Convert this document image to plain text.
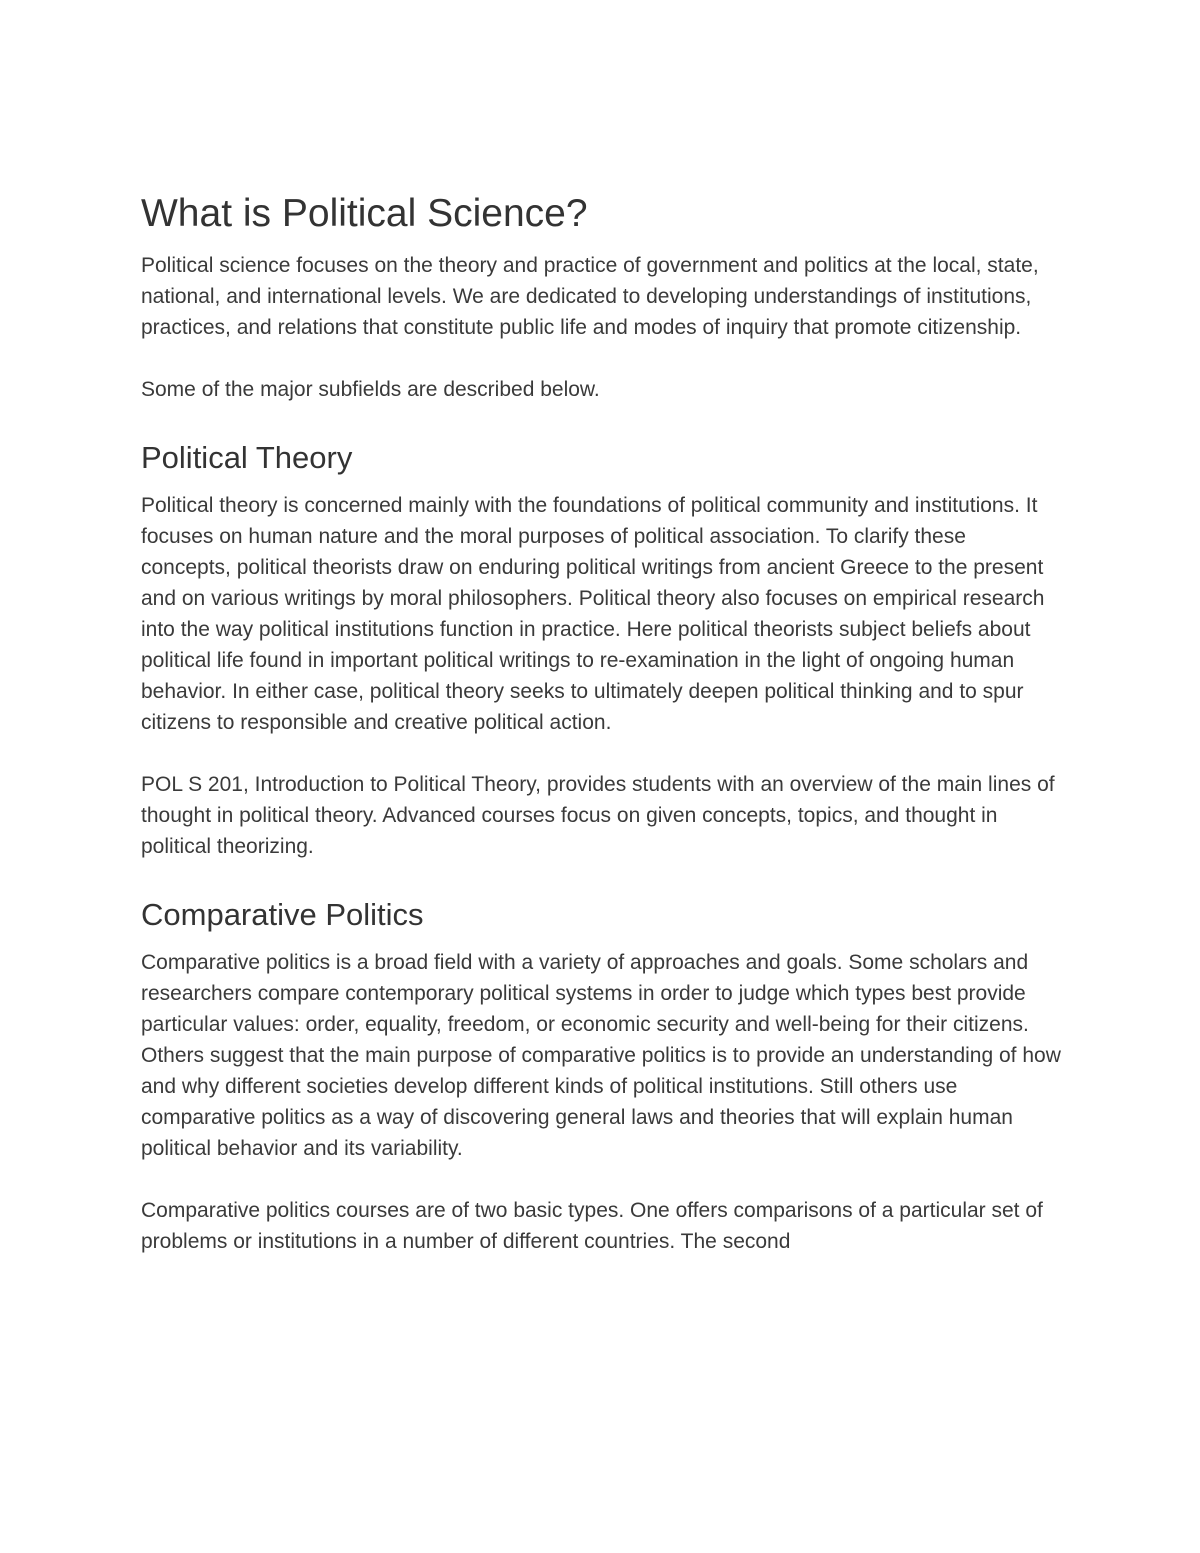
What is Political Science?

Political science focuses on the theory and practice of government and politics at the local, state, national, and international levels. We are dedicated to developing understandings of institutions, practices, and relations that constitute public life and modes of inquiry that promote citizenship.

Some of the major subfields are described below.

Political Theory

Political theory is concerned mainly with the foundations of political community and institutions. It focuses on human nature and the moral purposes of political association. To clarify these concepts, political theorists draw on enduring political writings from ancient Greece to the present and on various writings by moral philosophers. Political theory also focuses on empirical research into the way political institutions function in practice. Here political theorists subject beliefs about political life found in important political writings to re-examination in the light of ongoing human behavior. In either case, political theory seeks to ultimately deepen political thinking and to spur citizens to responsible and creative political action.

POL S 201, Introduction to Political Theory, provides students with an overview of the main lines of thought in political theory. Advanced courses focus on given concepts, topics, and thought in political theorizing.

Comparative Politics

Comparative politics is a broad field with a variety of approaches and goals. Some scholars and researchers compare contemporary political systems in order to judge which types best provide particular values: order, equality, freedom, or economic security and well-being for their citizens. Others suggest that the main purpose of comparative politics is to provide an understanding of how and why different societies develop different kinds of political institutions. Still others use comparative politics as a way of discovering general laws and theories that will explain human political behavior and its variability.

Comparative politics courses are of two basic types. One offers comparisons of a particular set of problems or institutions in a number of different countries. The second
